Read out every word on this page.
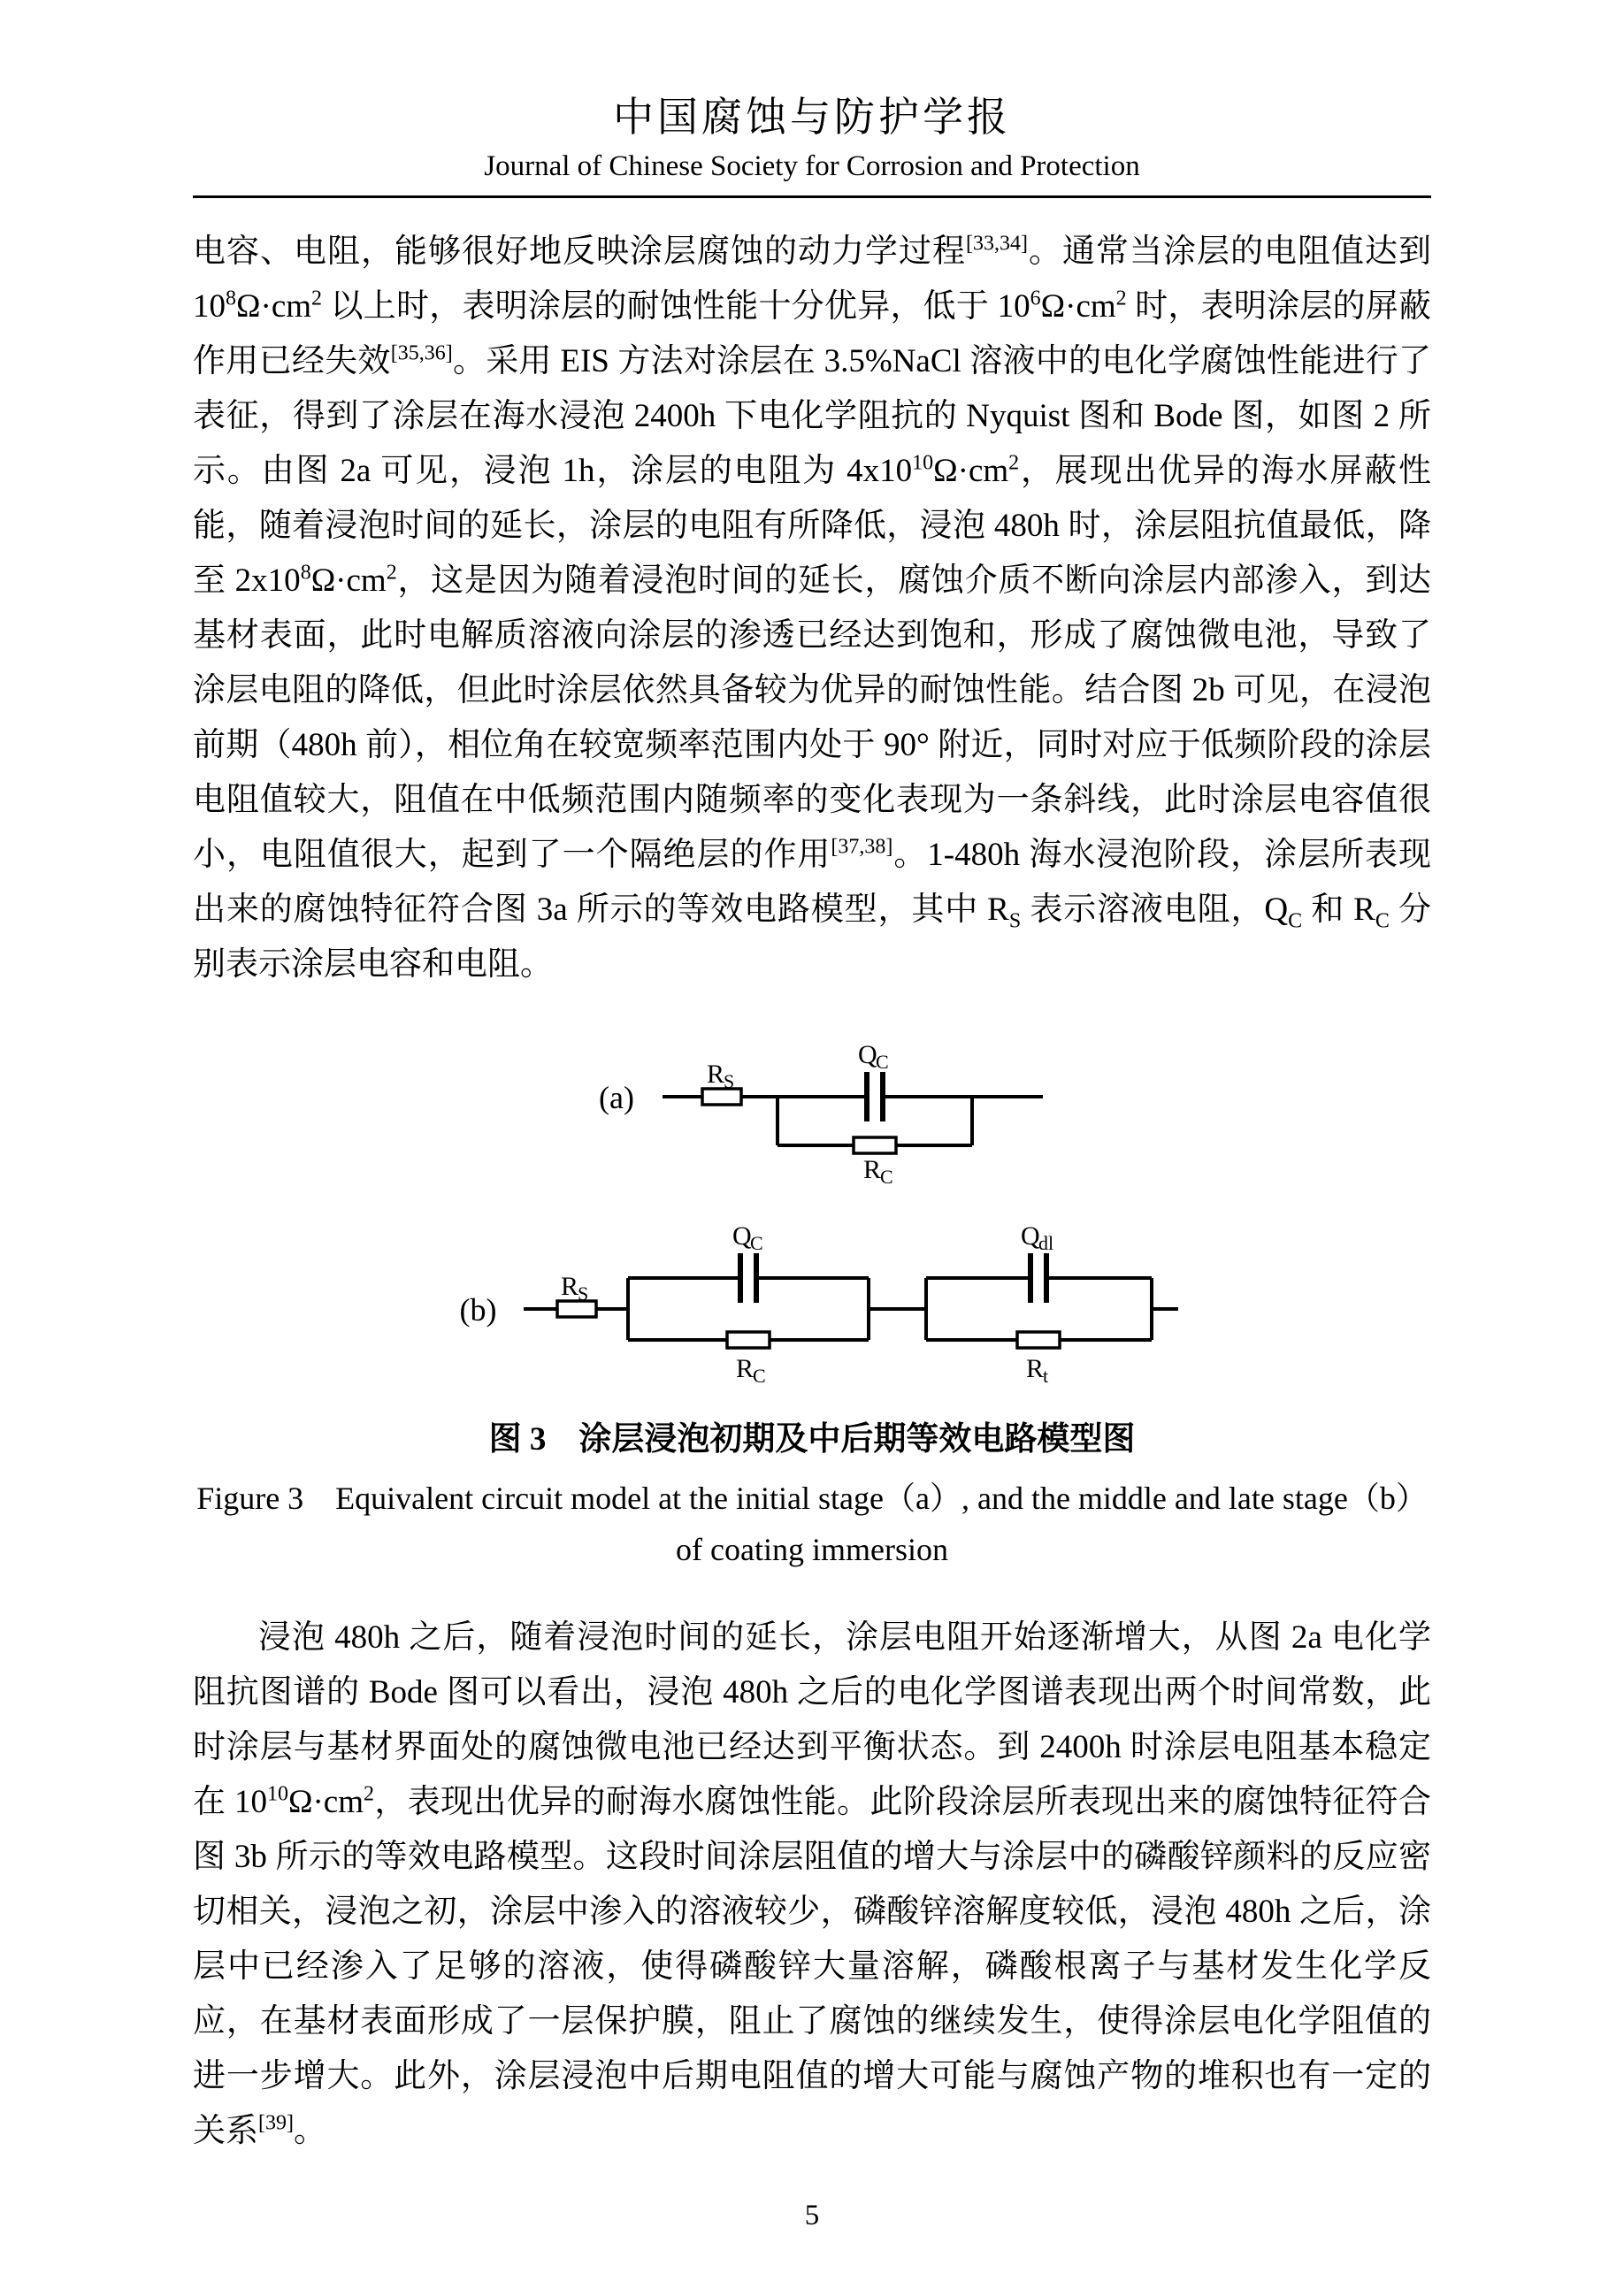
中国腐蚀与防护学报
Journal of Chinese Society for Corrosion and Protection

电容、电阻，能够很好地反映涂层腐蚀的动力学过程[33,34]。通常当涂层的电阻值达到 $10^8\Omega\cdot cm^2$ 以上时，表明涂层的耐蚀性能十分优异，低于 $10^6\Omega\cdot cm^2$ 时，表明涂层的屏蔽作用已经失效[35,36]。采用 EIS 方法对涂层在 3.5%NaCl 溶液中的电化学腐蚀性能进行了表征，得到了涂层在海水浸泡 2400h 下电化学阻抗的 Nyquist 图和 Bode 图，如图 2 所示。由图 2a 可见，浸泡 1h，涂层的电阻为 $4x10^{10}\Omega\cdot cm^2$，展现出优异的海水屏蔽性能，随着浸泡时间的延长，涂层的电阻有所降低，浸泡 480h 时，涂层阻抗值最低，降至 $2x10^8\Omega\cdot cm^2$，这是因为随着浸泡时间的延长，腐蚀介质不断向涂层内部渗入，到达基材表面，此时电解质溶液向涂层的渗透已经达到饱和，形成了腐蚀微电池，导致了涂层电阻的降低，但此时涂层依然具备较为优异的耐蚀性能。结合图 2b 可见，在浸泡前期（480h 前），相位角在较宽频率范围内处于 90° 附近，同时对应于低频阶段的涂层电阻值较大，阻值在中低频范围内随频率的变化表现为一条斜线，此时涂层电容值很小，电阻值很大，起到了一个隔绝层的作用[37,38]。1-480h 海水浸泡阶段，涂层所表现出来的腐蚀特征符合图 3a 所示的等效电路模型，其中 $R_S$ 表示溶液电阻，$Q_C$ 和 $R_C$ 分别表示涂层电容和电阻。

(a)
R
S
Q
C
R
C
(b)
R
S
Q
C
R
C
Q
dl
R
t
图 3 涂层浸泡初期及中后期等效电路模型图
Figure 3 Equivalent circuit model at the initial stage（a）, and the middle and late stage（b）
of coating immersion

浸泡 480h 之后，随着浸泡时间的延长，涂层电阻开始逐渐增大，从图 2a 电化学阻抗图谱的 Bode 图可以看出，浸泡 480h 之后的电化学图谱表现出两个时间常数，此时涂层与基材界面处的腐蚀微电池已经达到平衡状态。到 2400h 时涂层电阻基本稳定在 $10^{10}\Omega\cdot cm^2$，表现出优异的耐海水腐蚀性能。此阶段涂层所表现出来的腐蚀特征符合图 3b 所示的等效电路模型。这段时间涂层阻值的增大与涂层中的磷酸锌颜料的反应密切相关，浸泡之初，涂层中渗入的溶液较少，磷酸锌溶解度较低，浸泡 480h 之后，涂层中已经渗入了足够的溶液，使得磷酸锌大量溶解，磷酸根离子与基材发生化学反应，在基材表面形成了一层保护膜，阻止了腐蚀的继续发生，使得涂层电化学阻值的进一步增大。此外，涂层浸泡中后期电阻值的增大可能与腐蚀产物的堆积也有一定的关系[39]。

5
